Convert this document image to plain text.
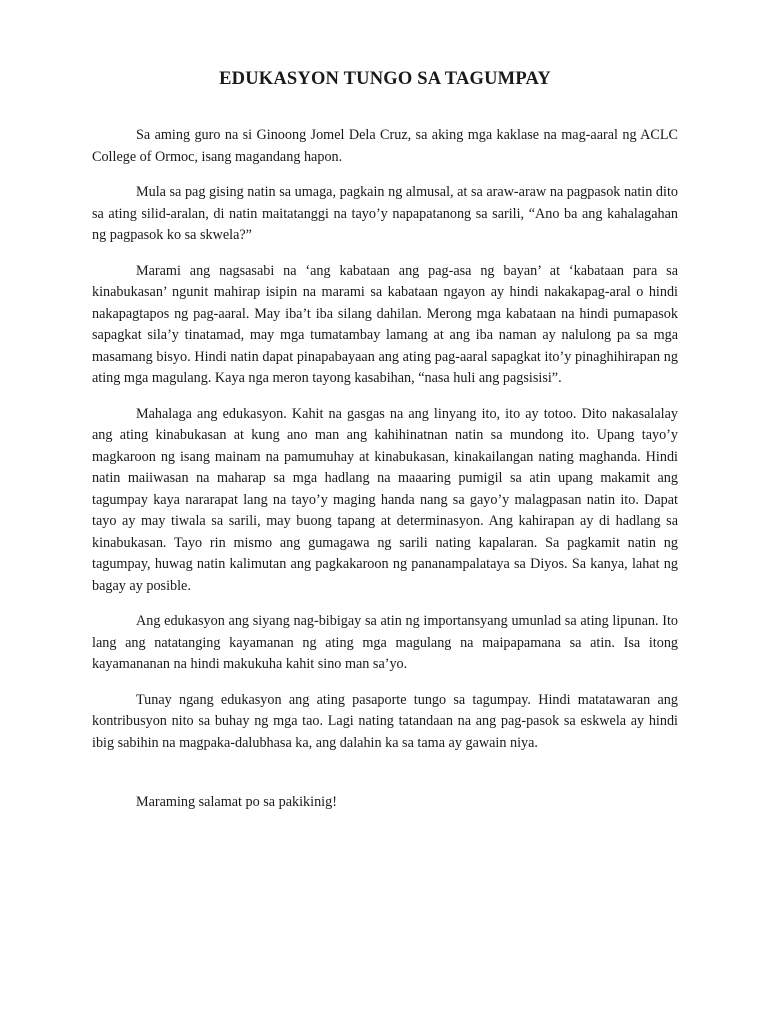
EDUKASYON TUNGO SA TAGUMPAY

Sa aming guro na si Ginoong Jomel Dela Cruz, sa aking mga kaklase na mag-aaral ng ACLC College of Ormoc, isang magandang hapon.

Mula sa pag gising natin sa umaga, pagkain ng almusal, at sa araw-araw na pagpasok natin dito sa ating silid-aralan, di natin maitatanggi na tayo’y napapatanong sa sarili, “Ano ba ang kahalagahan ng pagpasok ko sa skwela?”

Marami ang nagsasabi na ‘ang kabataan ang pag-asa ng bayan’ at ‘kabataan para sa kinabukasan’ ngunit mahirap isipin na marami sa kabataan ngayon ay hindi nakakapag-aral o hindi nakapagtapos ng pag-aaral. May iba’t iba silang dahilan. Merong mga kabataan na hindi pumapasok sapagkat sila’y tinatamad, may mga tumatambay lamang at ang iba naman ay nalulong pa sa mga masamang bisyo. Hindi natin dapat pinapabayaan ang ating pag-aaral sapagkat ito’y pinaghihirapan ng ating mga magulang. Kaya nga meron tayong kasabihan, “nasa huli ang pagsisisi”.

Mahalaga ang edukasyon. Kahit na gasgas na ang linyang ito, ito ay totoo. Dito nakasalalay ang ating kinabukasan at kung ano man ang kahihinatnan natin sa mundong ito. Upang tayo’y magkaroon ng isang mainam na pamumuhay at kinabukasan, kinakailangan nating maghanda. Hindi natin maiiwasan na maharap sa mga hadlang na maaaring pumigil sa atin upang makamit ang tagumpay kaya nararapat lang na tayo’y maging handa nang sa gayo’y malagpasan natin ito. Dapat tayo ay may tiwala sa sarili, may buong tapang at determinasyon. Ang kahirapan ay di hadlang sa kinabukasan. Tayo rin mismo ang gumagawa ng sarili nating kapalaran. Sa pagkamit natin ng tagumpay, huwag natin kalimutan ang pagkakaroon ng pananampalataya sa Diyos. Sa kanya, lahat ng bagay ay posible.

Ang edukasyon ang siyang nag-bibigay sa atin ng importansyang umunlad sa ating lipunan. Ito lang ang natatanging kayamanan ng ating mga magulang na maipapamana sa atin. Isa itong kayamananan na hindi makukuha kahit sino man sa’yo.

Tunay ngang edukasyon ang ating pasaporte tungo sa tagumpay. Hindi matatawaran ang kontribusyon nito sa buhay ng mga tao. Lagi nating tatandaan na ang pag-pasok sa eskwela ay hindi ibig sabihin na magpaka-dalubhasa ka, ang dalahin ka sa tama ay gawain niya.

Maraming salamat po sa pakikinig!
